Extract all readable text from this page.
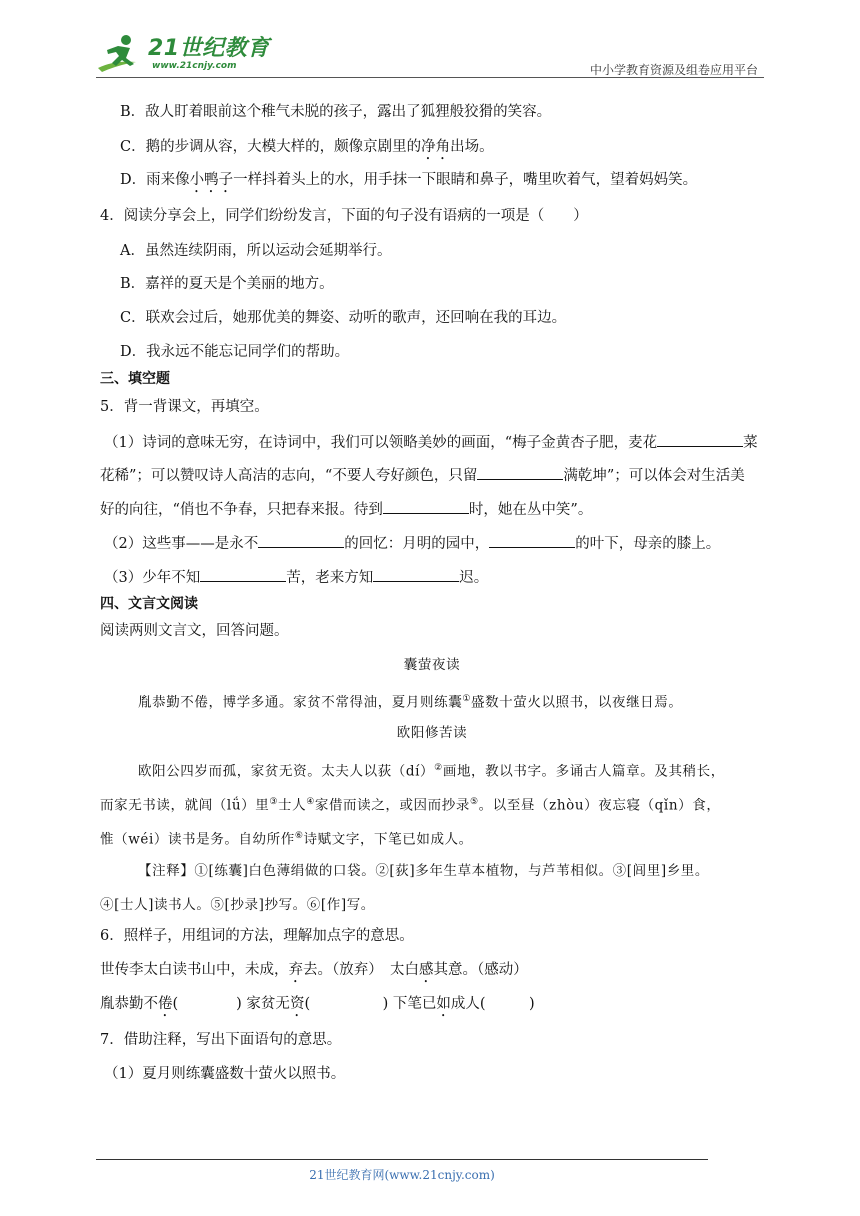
21世纪教育
www.21cnjy.com	中小学教育资源及组卷应用平台
B．敌人盯着眼前这个稚气未脱的孩子，露出了狐狸般狡猾的笑容。
C．鹅的步调从容，大模大样的，颇像京剧里的净角出场。
D．雨来像小鸭子一样抖着头上的水，用手抹一下眼睛和鼻子，嘴里吹着气，望着妈妈笑。
4．阅读分享会上，同学们纷纷发言，下面的句子没有语病的一项是（　　）
A．虽然连续阴雨，所以运动会延期举行。
B．嘉祥的夏天是个美丽的地方。
C．联欢会过后，她那优美的舞姿、动听的歌声，还回响在我的耳边。
D．我永远不能忘记同学们的帮助。
三、填空题
5．背一背课文，再填空。
（1）诗词的意味无穷，在诗词中，我们可以领略美妙的画面，“梅子金黄杏子肥，麦花	菜
花稀”；可以赞叹诗人高洁的志向，“不要人夸好颜色，只留	满乾坤”；可以体会对生活美
好的向往，“俏也不争春，只把春来报。待到	时，她在丛中笑”。
（2）这些事——是永不	的回忆：月明的园中，	的叶下，母亲的膝上。
（3）少年不知	苦，老来方知	迟。
四、文言文阅读
阅读两则文言文，回答问题。
囊萤夜读
胤恭勤不倦，博学多通。家贫不常得油，夏月则练囊①盛数十萤火以照书，以夜继日焉。
欧阳修苦读
欧阳公四岁而孤，家贫无资。太夫人以荻（dí）②画地，教以书字。多诵古人篇章。及其稍长，
而家无书读，就闾（lǘ）里③士人④家借而读之，或因而抄录⑤。以至昼（zhòu）夜忘寝（qǐn）食，
惟（wéi）读书是务。自幼所作⑥诗赋文字，下笔已如成人。
【注释】①[练囊]白色薄绢做的口袋。②[荻]多年生草本植物，与芦苇相似。③[闾里]乡里。
④[士人]读书人。⑤[抄录]抄写。⑥[作]写。
6．照样子，用组词的方法，理解加点字的意思。
世传李太白读书山中，未成，弃去。（放弃）　太白感其意。（感动）
胤恭勤不倦(　　　　) 家贫无资(　　　　　) 下笔已如成人(　　　)
7．借助注释，写出下面语句的意思。
（1）夏月则练囊盛数十萤火以照书。
21世纪教育网(www.21cnjy.com)
